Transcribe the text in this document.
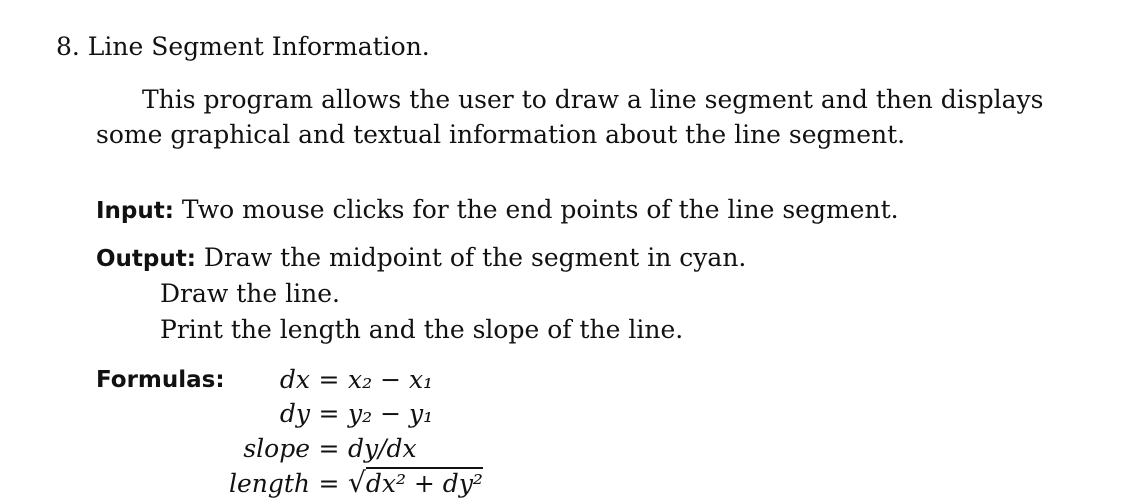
8. Line Segment Information.
This program allows the user to draw a line segment and then displays
some graphical and textual information about the line segment.
Input: Two mouse clicks for the end points of the line segment.
Output: Draw the midpoint of the segment in cyan.
Draw the line.
Print the length and the slope of the line.
Formulas:	dx = x₂ − x₁
dy = y₂ − y₁
slope = dy/dx
length = √ dx² + dy²
